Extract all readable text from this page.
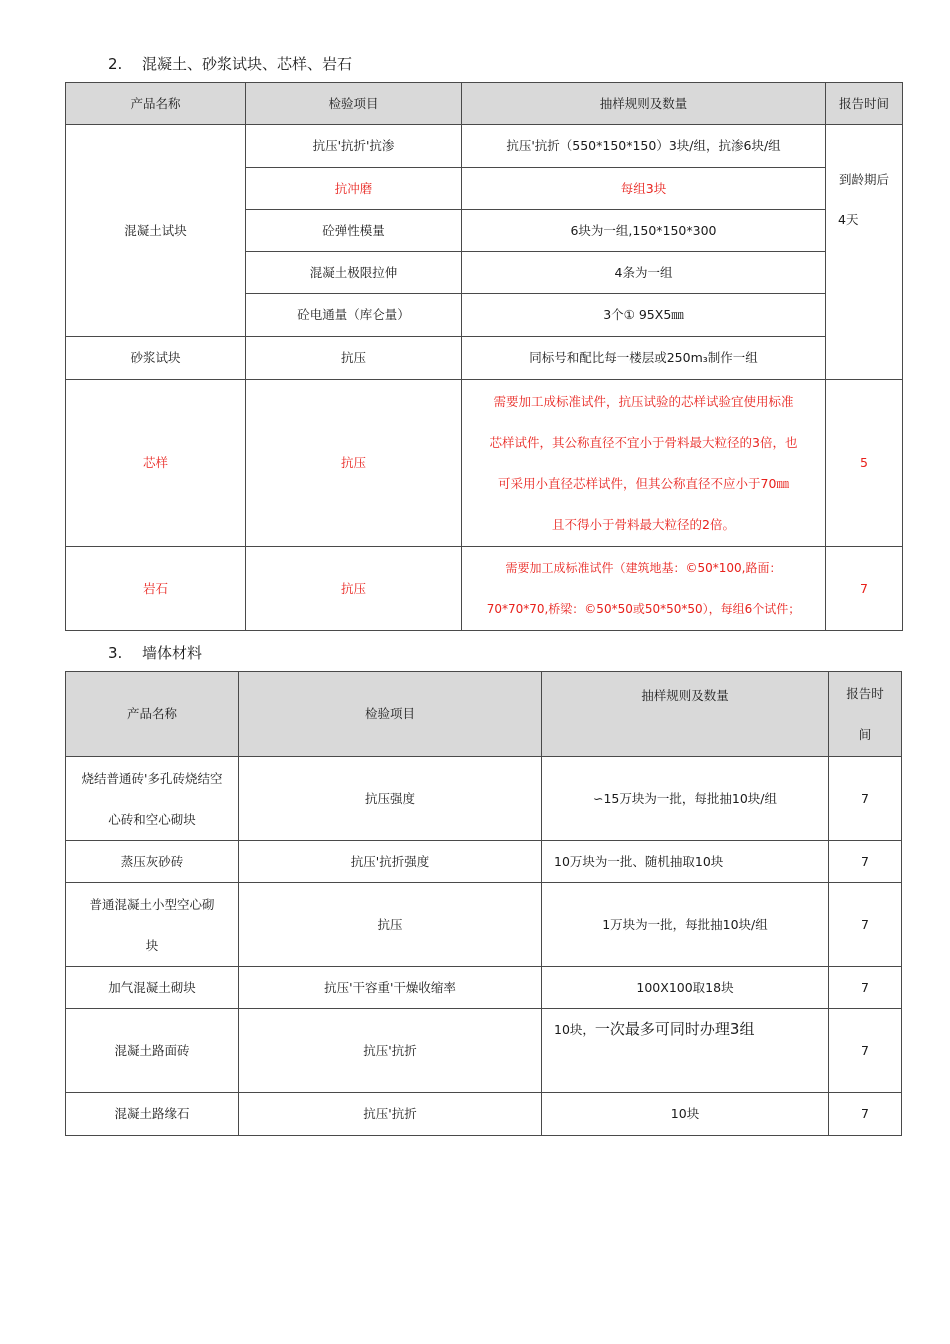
2. 混凝土、砂浆试块、芯样、岩石
产品名称	检验项目	抽样规则及数量	报告时间
混凝土试块	抗压'抗折'抗渗	抗压'抗折（550*150*150）3块/组，抗渗6块/组	到龄期后
4天

	抗冲磨	每组3块	
	砼弹性模量	6块为一组,150*150*300	
	混凝土极限拉伸	4条为一组	
	砼电通量（库仑量）	3个① 95X5㎜	
砂浆试块	抗压	同标号和配比每一楼层或250m₃制作一组	
芯样	抗压	需要加工成标准试件，抗压试验的芯样试验宜使用标准
芯样试件，其公称直径不宜小于骨料最大粒径的3倍，也
可采用小直径芯样试件，但其公称直径不应小于70㎜
且不得小于骨料最大粒径的2倍。	5
岩石	抗压	需要加工成标准试件（建筑地基：©50*100,路面：
70*70*70,桥梁：©50*50或50*50*50），每组6个试件；	7
3. 墙体材料
产品名称	检验项目	抽样规则及数量	报告时
间

烧结普通砖'多孔砖烧结空
心砖和空心砌块	抗压强度	∽15万块为一批，每批抽10块/组	7
蒸压灰砂砖	抗压'抗折强度	10万块为一批、随机抽取10块	7

普通混凝土小型空心砌
块	抗压	1万块为一批，每批抽10块/组	7
加气混凝土砌块	抗压'干容重'干燥收缩率	100X100取18块	7
混凝土路面砖	抗压'抗折	10块，一次最多可同时办理3组	7
混凝土路缘石	抗压'抗折	10块	7
